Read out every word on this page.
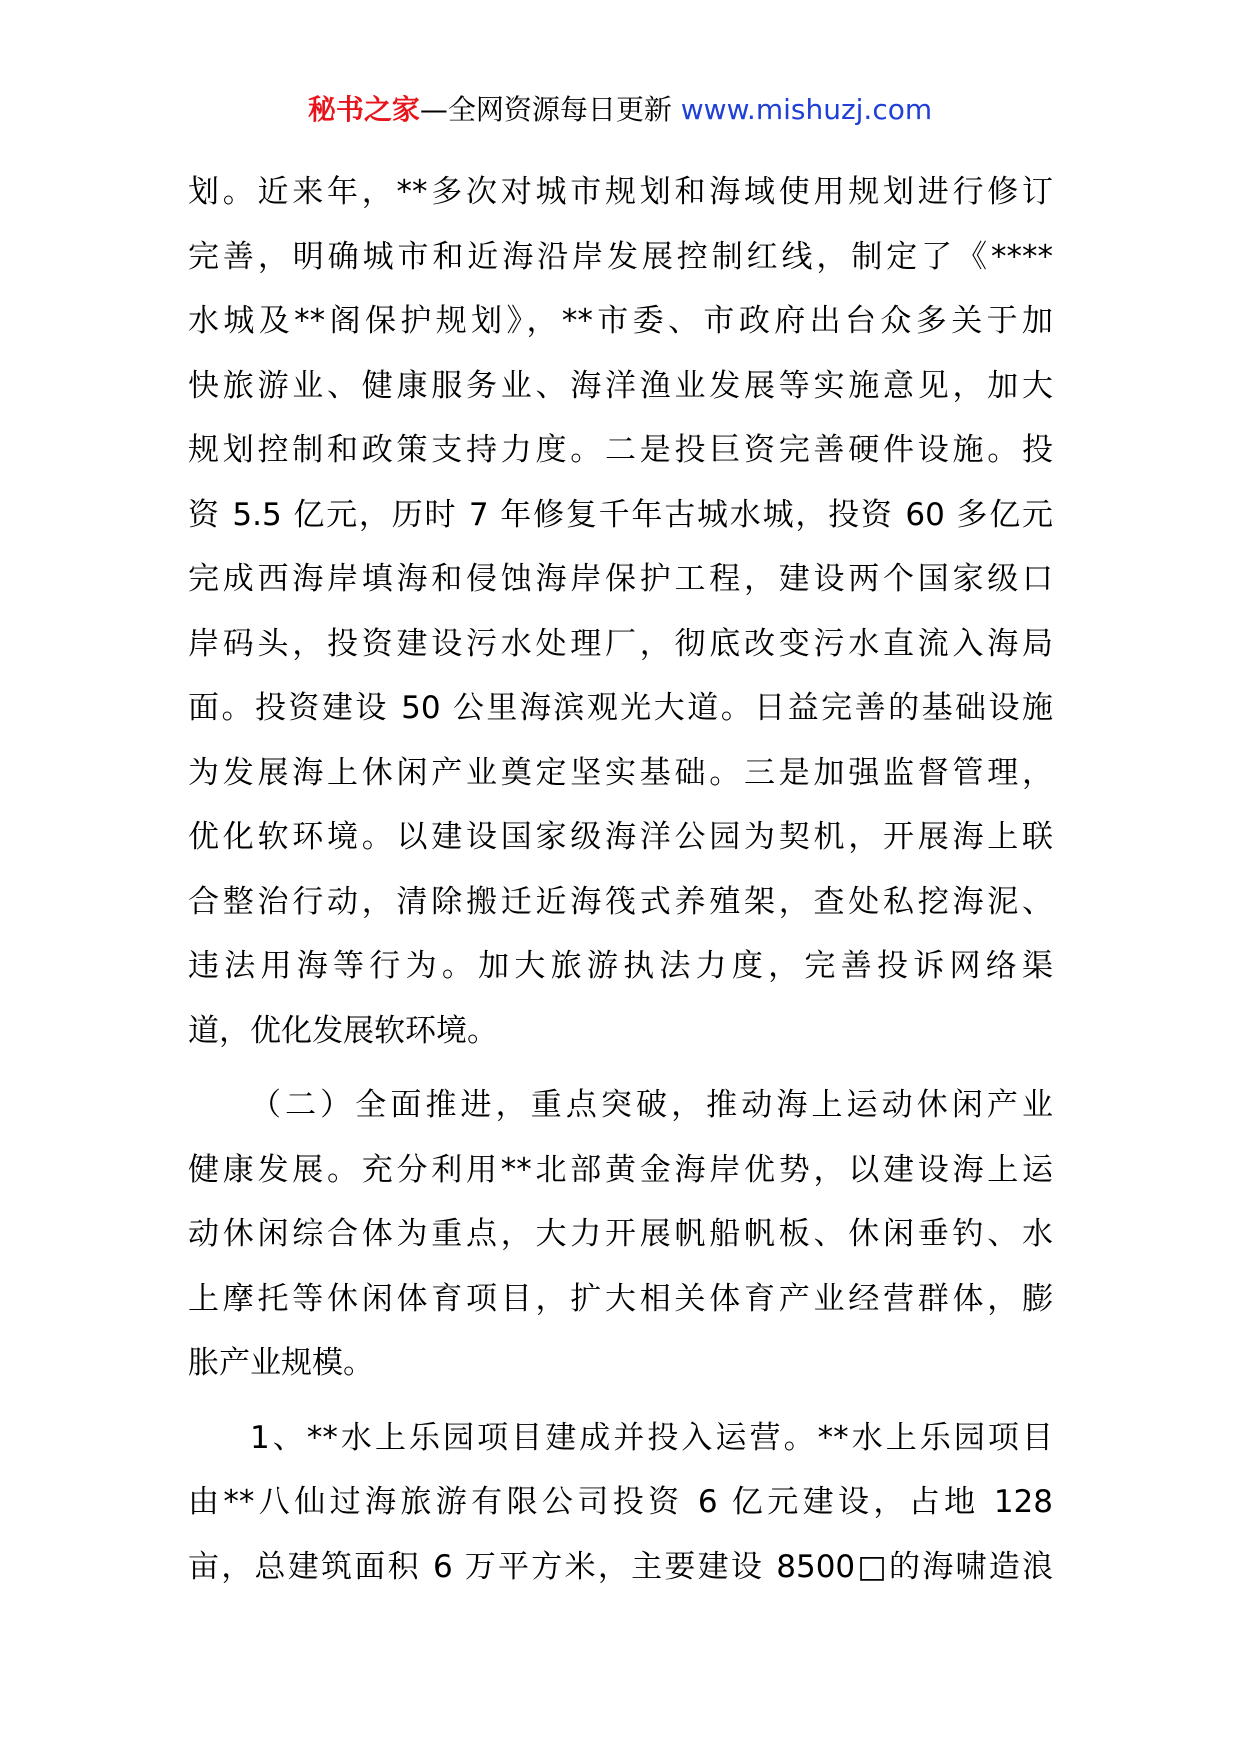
秘书之家—全网资源每日更新 www.mishuzj.com
划。近来年，**多次对城市规划和海域使用规划进行修订
完善，明确城市和近海沿岸发展控制红线，制定了《****
水城及**阁保护规划》，**市委、市政府出台众多关于加
快旅游业、健康服务业、海洋渔业发展等实施意见，加大
规划控制和政策支持力度。二是投巨资完善硬件设施。投
资 5.5 亿元，历时 7 年修复千年古城水城，投资 60 多亿元
完成西海岸填海和侵蚀海岸保护工程，建设两个国家级口
岸码头，投资建设污水处理厂，彻底改变污水直流入海局
面。投资建设 50 公里海滨观光大道。日益完善的基础设施
为发展海上休闲产业奠定坚实基础。三是加强监督管理，
优化软环境。以建设国家级海洋公园为契机，开展海上联
合整治行动，清除搬迁近海筏式养殖架，查处私挖海泥、
违法用海等行为。加大旅游执法力度，完善投诉网络渠
道，优化发展软环境。
（二）全面推进，重点突破，推动海上运动休闲产业
健康发展。充分利用**北部黄金海岸优势，以建设海上运
动休闲综合体为重点，大力开展帆船帆板、休闲垂钓、水
上摩托等休闲体育项目，扩大相关体育产业经营群体，膨
胀产业规模。
1、**水上乐园项目建成并投入运营。**水上乐园项目
由**八仙过海旅游有限公司投资 6 亿元建设，占地 128
亩，总建筑面积 6 万平方米，主要建设 8500□的海啸造浪
